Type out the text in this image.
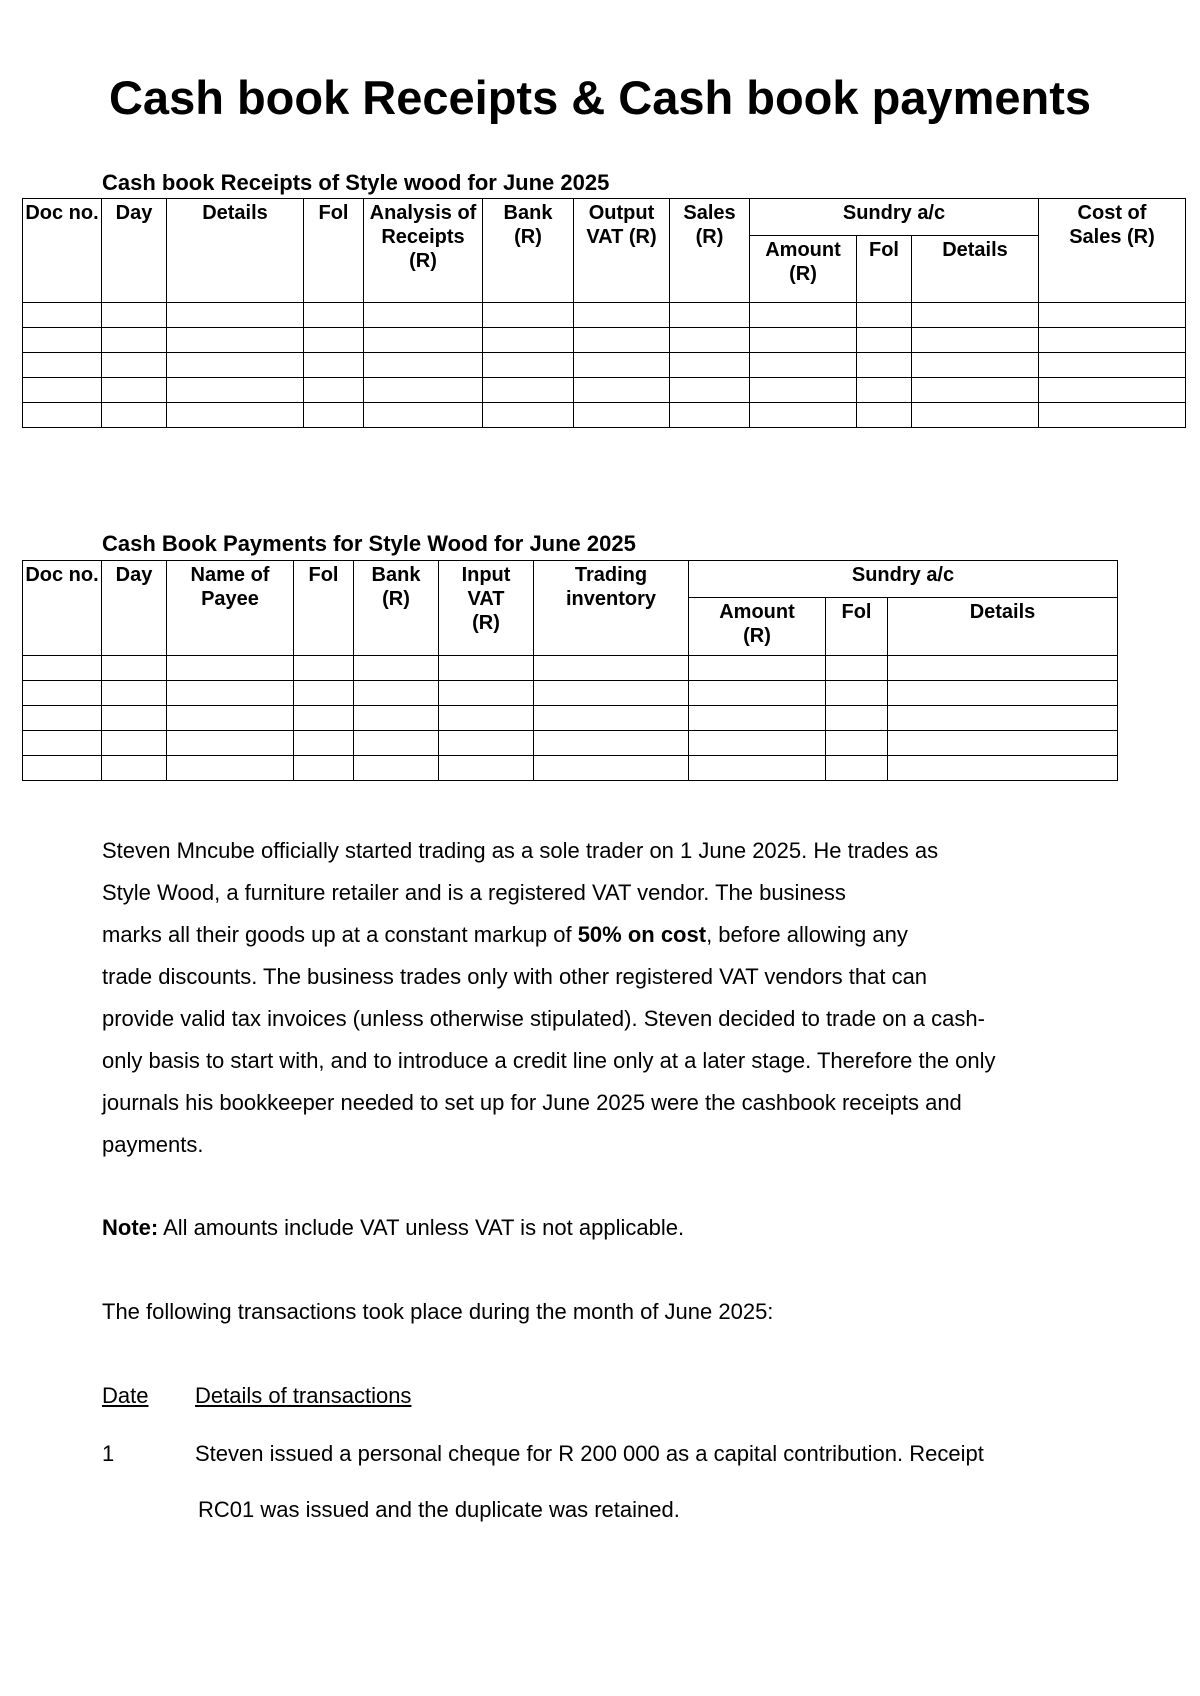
Cash book Receipts & Cash book payments

Cash book Receipts of Style wood for June 2025

Doc no.	Day	Details	Fol	Analysis of Receipts (R)	Bank (R)	Output VAT (R)	Sales (R)	Sundry a/c			Cost of Sales (R)
								Amount (R)	Fol	Details	

Cash Book Payments for Style Wood for June 2025

Doc no.	Day	Name of Payee	Fol	Bank (R)	Input VAT (R)	Trading inventory	Sundry a/c		
							Amount (R)	Fol	Details

Steven Mncube officially started trading as a sole trader on 1 June 2025. He trades as
Style Wood, a furniture retailer and is a registered VAT vendor. The business
marks all their goods up at a constant markup of 50% on cost, before allowing any
trade discounts. The business trades only with other registered VAT vendors that can
provide valid tax invoices (unless otherwise stipulated). Steven decided to trade on a cash-
only basis to start with, and to introduce a credit line only at a later stage. Therefore the only
journals his bookkeeper needed to set up for June 2025 were the cashbook receipts and
payments.
Note: All amounts include VAT unless VAT is not applicable.
The following transactions took place during the month of June 2025:
Date Details of transactions
1	Steven issued a personal cheque for R 200 000 as a capital contribution. Receipt
RC01 was issued and the duplicate was retained.
